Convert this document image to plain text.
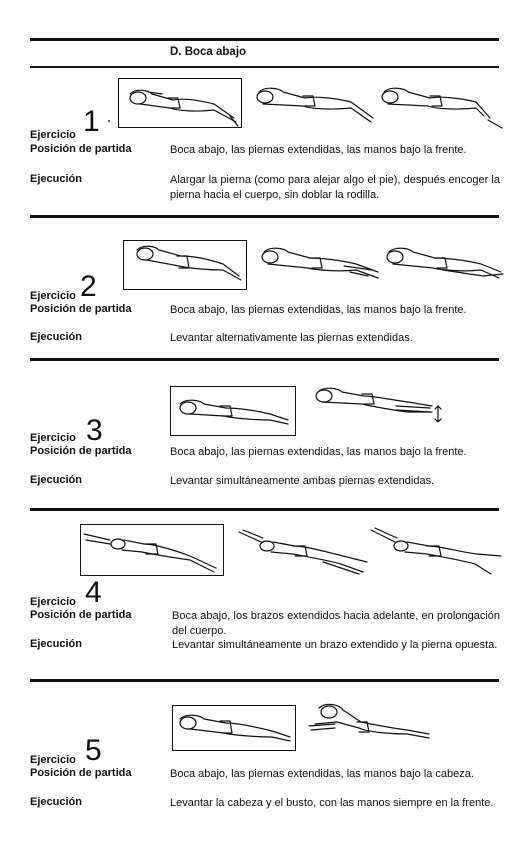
D. Boca abajo
Ejercicio 1
Posición de partida	Boca abajo, las piernas extendidas, las manos bajo la frente.
Ejecución	Alargar la pierna (como para alejar algo el pie), después encoger la pierna hacia el cuerpo, sin doblar la rodilla.
Ejercicio 2
Posición de partida	Boca abajo, las piernas extendidas, las manos bajo la frente.
Ejecución	Levantar alternativamente las piernas extendidas.
Ejercicio 3
Posición de partida	Boca abajo, las piernas extendidas, las manos bajo la frente.
Ejecución	Levantar simultáneamente ambas piernas extendidas.
Ejercicio 4
Posición de partida	Boca abajo, los brazos extendidos hacia adelante, en prolongación del cuerpo.
Ejecución	Levantar simultáneamente un brazo extendido y la pierna opuesta.
Ejercicio 5
Posición de partida	Boca abajo, las piernas extendidas, las manos bajo la cabeza.
Ejecución	Levantar la cabeza y el busto, con las manos siempre en la frente.
